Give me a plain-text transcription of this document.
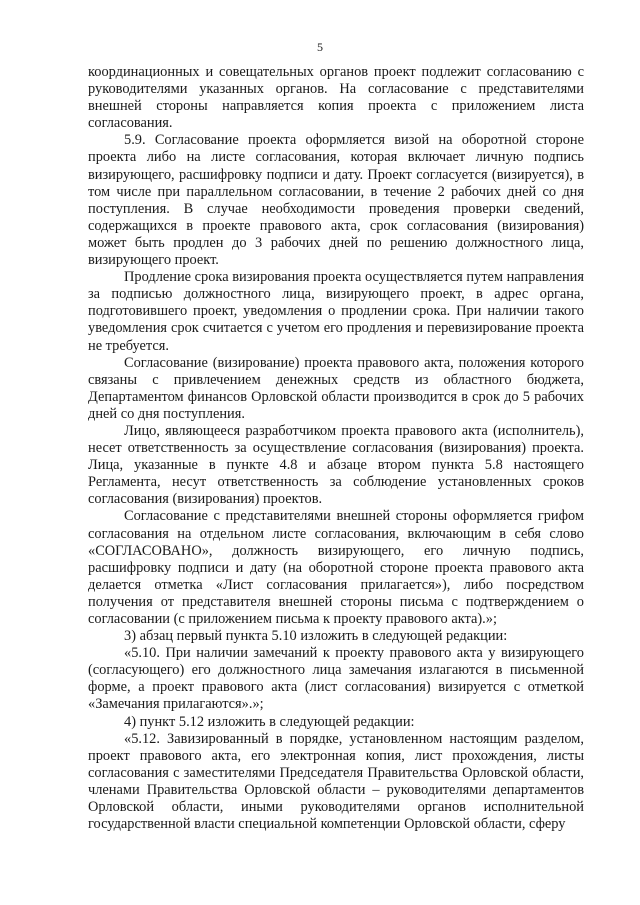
5

координационных и совещательных органов проект подлежит согласованию с руководителями указанных органов. На согласование с представителями внешней стороны направляется копия проекта с приложением листа согласования.

5.9. Согласование проекта оформляется визой на оборотной стороне проекта либо на листе согласования, которая включает личную подпись визирующего, расшифровку подписи и дату. Проект согласуется (визируется), в том числе при параллельном согласовании, в течение 2 рабочих дней со дня поступления. В случае необходимости проведения проверки сведений, содержащихся в проекте правового акта, срок согласования (визирования) может быть продлен до 3 рабочих дней по решению должностного лица, визирующего проект.

Продление срока визирования проекта осуществляется путем направления за подписью должностного лица, визирующего проект, в адрес органа, подготовившего проект, уведомления о продлении срока. При наличии такого уведомления срок считается с учетом его продления и перевизирование проекта не требуется.

Согласование (визирование) проекта правового акта, положения которого связаны с привлечением денежных средств из областного бюджета, Департаментом финансов Орловской области производится в срок до 5 рабочих дней со дня поступления.

Лицо, являющееся разработчиком проекта правового акта (исполнитель), несет ответственность за осуществление согласования (визирования) проекта. Лица, указанные в пункте 4.8 и абзаце втором пункта 5.8 настоящего Регламента, несут ответственность за соблюдение установленных сроков согласования (визирования) проектов.

Согласование с представителями внешней стороны оформляется грифом согласования на отдельном листе согласования, включающим в себя слово «СОГЛАСОВАНО», должность визирующего, его личную подпись, расшифровку подписи и дату (на оборотной стороне проекта правового акта делается отметка «Лист согласования прилагается»), либо посредством получения от представителя внешней стороны письма с подтверждением о согласовании (с приложением письма к проекту правового акта).»;

3) абзац первый пункта 5.10 изложить в следующей редакции:

«5.10. При наличии замечаний к проекту правового акта у визирующего (согласующего) его должностного лица замечания излагаются в письменной форме, а проект правового акта (лист согласования) визируется с отметкой «Замечания прилагаются».»;

4) пункт 5.12 изложить в следующей редакции:

«5.12. Завизированный в порядке, установленном настоящим разделом, проект правового акта, его электронная копия, лист прохождения, листы согласования с заместителями Председателя Правительства Орловской области, членами Правительства Орловской области – руководителями департаментов Орловской области, иными руководителями органов исполнительной государственной власти специальной компетенции Орловской области, сферу
